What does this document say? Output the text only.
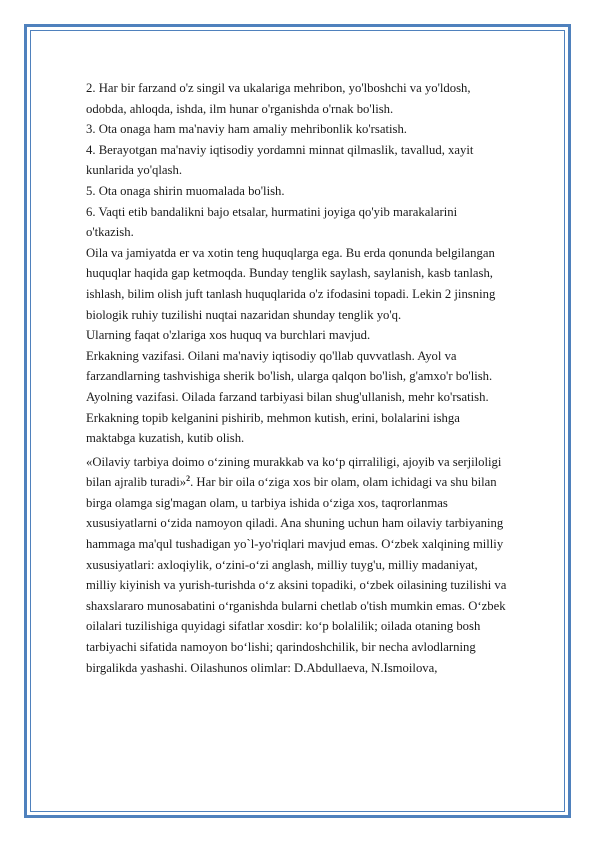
2. Har bir farzand o'z singil va ukalariga mehribon, yo'lboshchi va yo'ldosh,

odobda, ahloqda, ishda, ilm hunar o'rganishda o'rnak bo'lish.

3. Ota onaga ham ma'naviy ham amaliy mehribonlik ko'rsatish.

4. Berayotgan ma'naviy iqtisodiy yordamni minnat qilmaslik, tavallud, xayit

kunlarida yo'qlash.

5. Ota onaga shirin muomalada bo'lish.

6. Vaqti etib bandalikni bajo etsalar, hurmatini joyiga qo'yib marakalarini

o'tkazish.

Oila va jamiyatda er va xotin teng huquqlarga ega. Bu erda qonunda belgilangan

huquqlar haqida gap ketmoqda. Bunday tenglik saylash, saylanish, kasb tanlash,

ishlash, bilim olish juft tanlash huquqlarida o'z ifodasini topadi. Lekin 2 jinsning

biologik ruhiy tuzilishi nuqtai nazaridan shunday tenglik yo'q.

Ularning faqat o'zlariga xos huquq va burchlari mavjud.

Erkakning vazifasi. Oilani ma'naviy iqtisodiy qo'llab quvvatlash. Ayol va

farzandlarning tashvishiga sherik bo'lish, ularga qalqon bo'lish, g'amxo'r bo'lish.

Ayolning vazifasi. Oilada farzand tarbiyasi bilan shug'ullanish, mehr ko'rsatish.

Erkakning topib kelganini pishirib, mehmon kutish, erini, bolalarini ishga

maktabga kuzatish, kutib olish.

«Oilaviy tarbiya doimo o‘zining murakkab va ko‘p qirraliligi, ajoyib va serjiloligi

bilan ajralib turadi»$^2$. Har bir oila o‘ziga xos bir olam, olam ichidagi va shu bilan

birga olamga sig'magan olam, u tarbiya ishida o‘ziga xos, taqrorlanmas

xususiyatlarni o‘zida namoyon qiladi. Ana shuning uchun ham oilaviy tarbiyaning

hammaga ma'qul tushadigan yo`l-yo'riqlari mavjud emas. O‘zbek xalqining milliy

xususiyatlari: axloqiylik, o‘zini-o‘zi anglash, milliy tuyg'u, milliy madaniyat,

milliy kiyinish va yurish-turishda o‘z aksini topadiki, o‘zbek oilasining tuzilishi va

shaxslararo munosabatini o‘rganishda bularni chetlab o'tish mumkin emas. O‘zbek

oilalari tuzilishiga quyidagi sifatlar xosdir: ko‘p bolalilik; oilada otaning bosh

tarbiyachi sifatida namoyon bo‘lishi; qarindoshchilik, bir necha avlodlarning

birgalikda yashashi. Oilashunos olimlar: D.Abdullaeva, N.Ismoilova,
